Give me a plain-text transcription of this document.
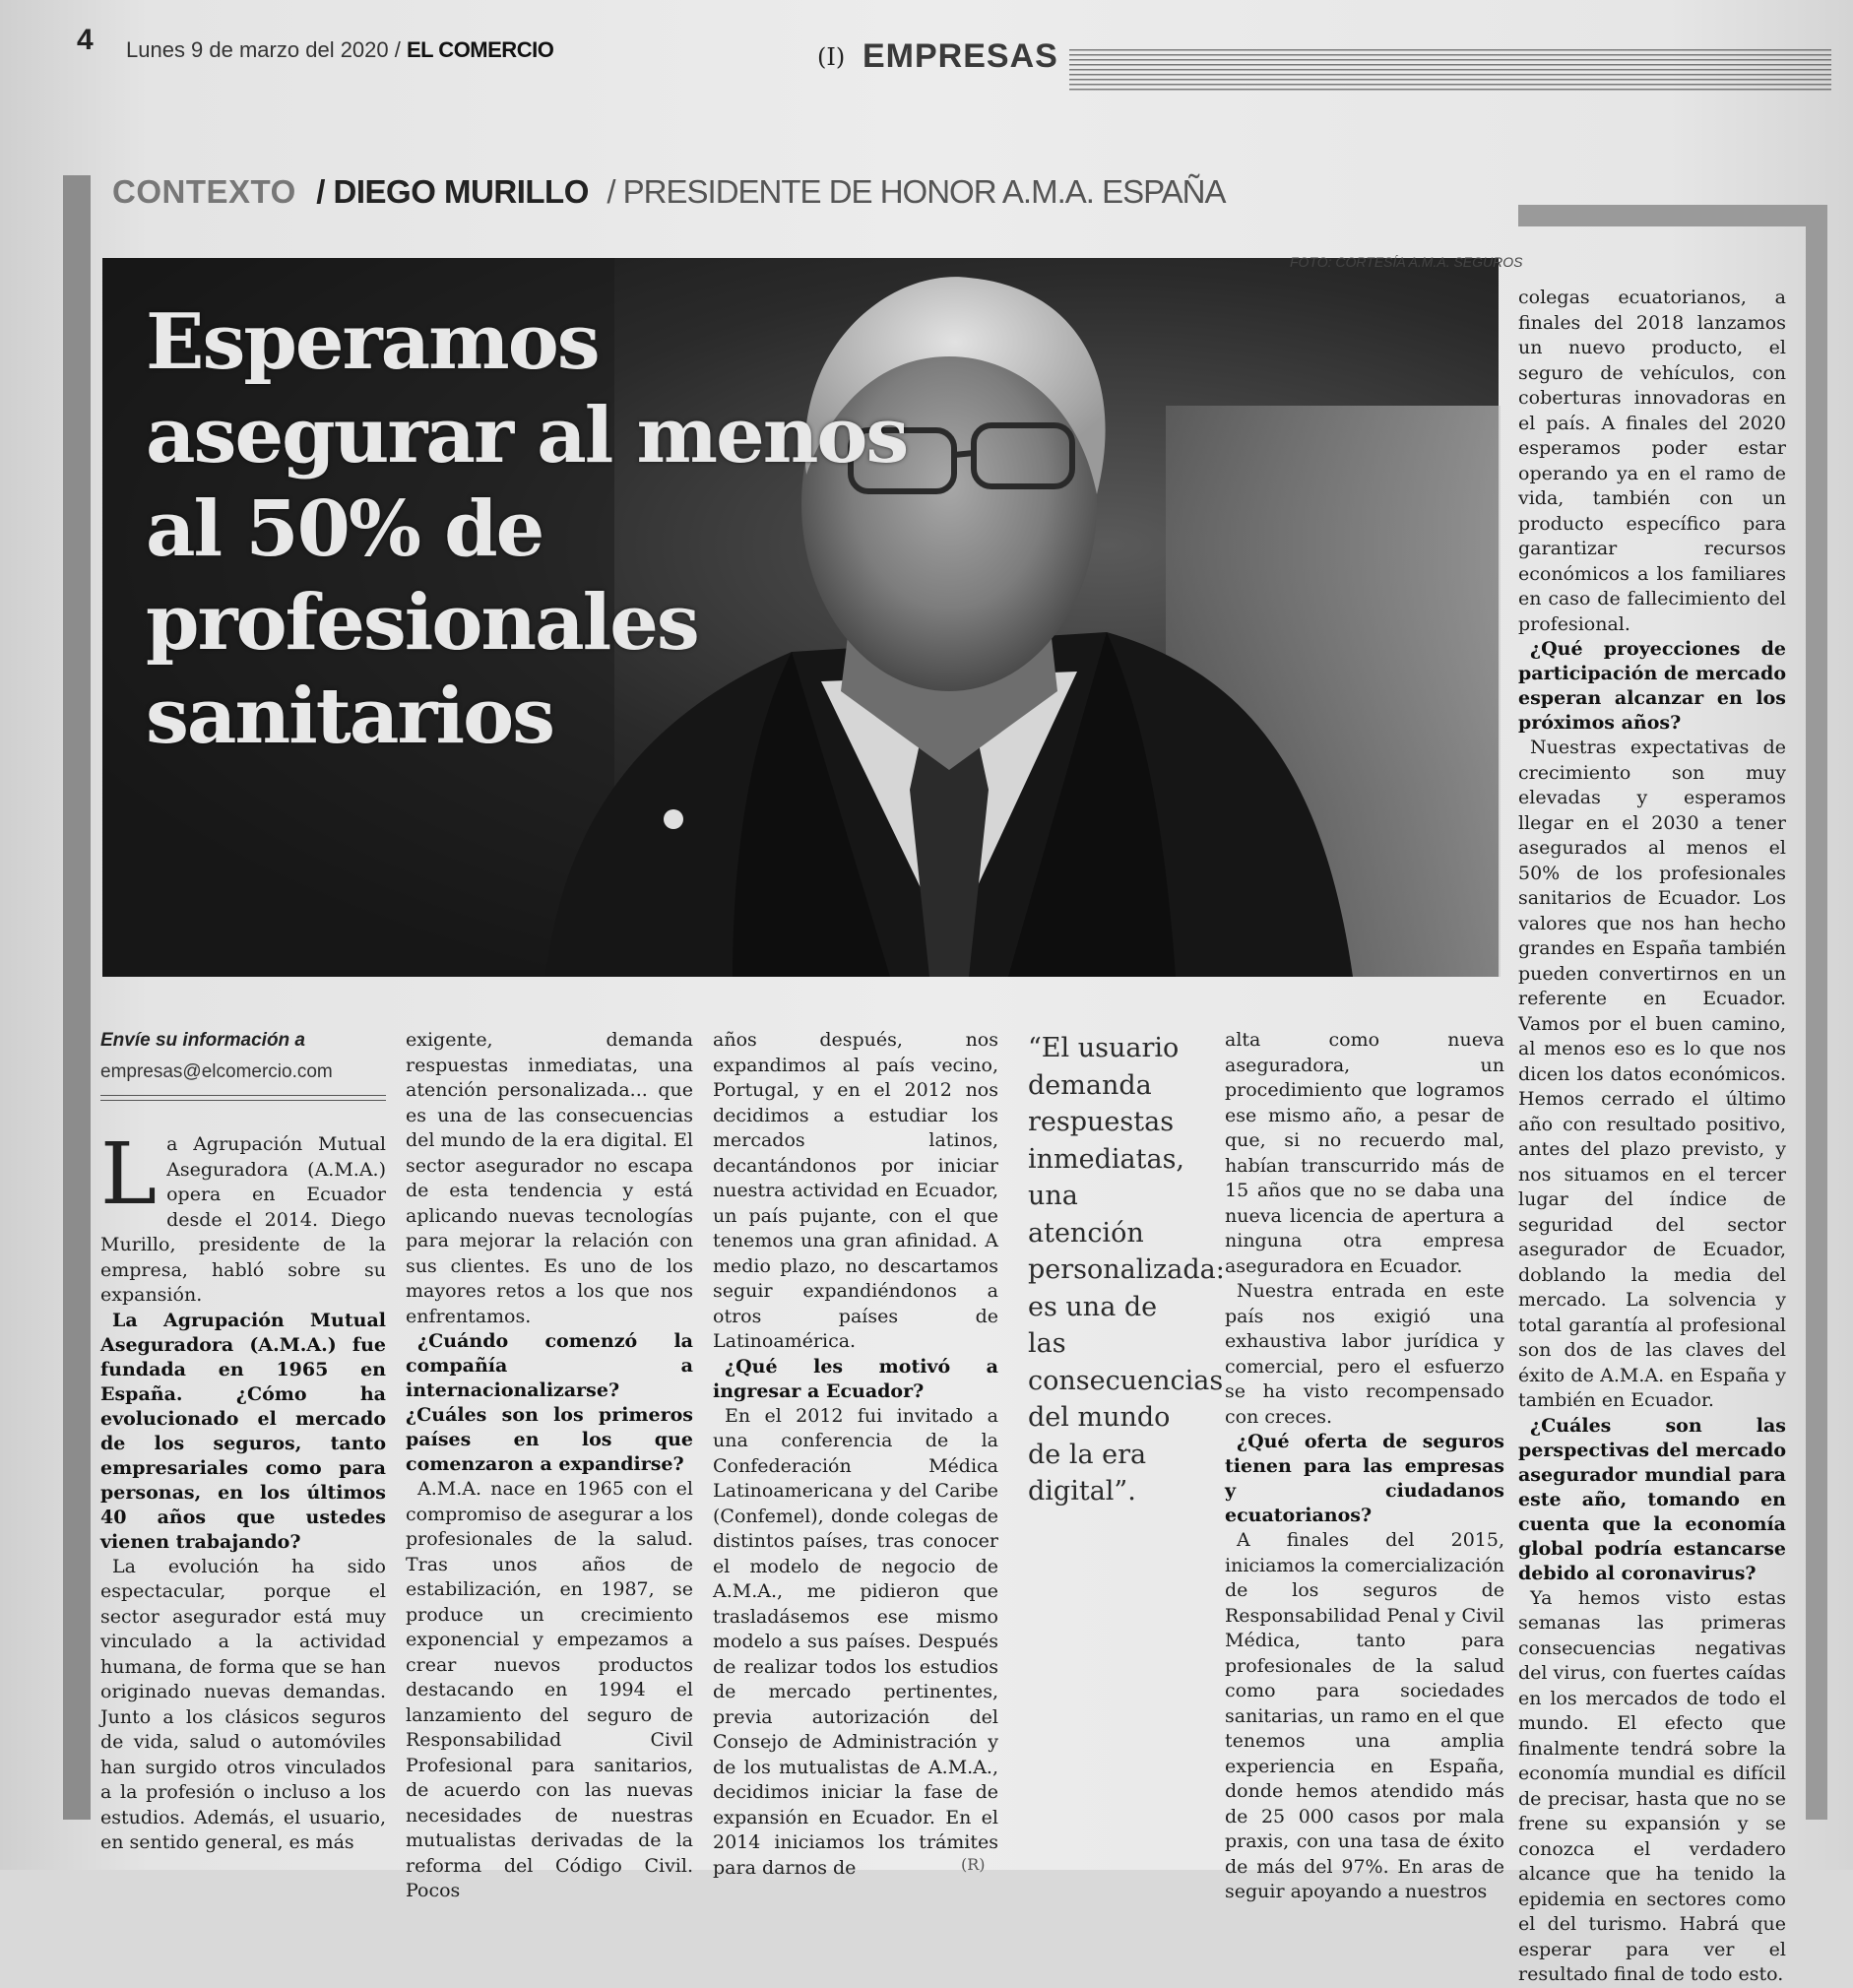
4 Lunes 9 de marzo del 2020 / EL COMERCIO	(I) EMPRESAS
CONTEXTO / DIEGO MURILLO / PRESIDENTE DE HONOR A.M.A. ESPAÑA
FOTO: CORTESÍA A.M.A. SEGUROS
Esperamos asegurar al menos al 50% de profesionales sanitarios
Envíe su información a
empresas@elcomercio.com

La Agrupación Mutual Aseguradora (A.M.A.) opera en Ecuador desde el 2014. Diego Murillo, presidente de la empresa, habló sobre su expansión.

La Agrupación Mutual Aseguradora (A.M.A.) fue fundada en 1965 en España. ¿Cómo ha evolucionado el mercado de los seguros, tanto empresariales como para personas, en los últimos 40 años que ustedes vienen trabajando?

La evolución ha sido espectacular, porque el sector asegurador está muy vinculado a la actividad humana, de forma que se han originado nuevas demandas. Junto a los clásicos seguros de vida, salud o automóviles han surgido otros vinculados a la profesión o incluso a los estudios. Además, el usuario, en sentido general, es más

exigente, demanda respuestas inmediatas, una atención personalizada... que es una de las consecuencias del mundo de la era digital. El sector asegurador no escapa de esta tendencia y está aplicando nuevas tecnologías para mejorar la relación con sus clientes. Es uno de los mayores retos a los que nos enfrentamos.

¿Cuándo comenzó la compañía a internacionalizarse? ¿Cuáles son los primeros países en los que comenzaron a expandirse?

A.M.A. nace en 1965 con el compromiso de asegurar a los profesionales de la salud. Tras unos años de estabilización, en 1987, se produce un crecimiento exponencial y empezamos a crear nuevos productos destacando en 1994 el lanzamiento del seguro de Responsabilidad Civil Profesional para sanitarios, de acuerdo con las nuevas necesidades de nuestras mutualistas derivadas de la reforma del Código Civil. Pocos

años después, nos expandimos al país vecino, Portugal, y en el 2012 nos decidimos a estudiar los mercados latinos, decantándonos por iniciar nuestra actividad en Ecuador, un país pujante, con el que tenemos una gran afinidad. A medio plazo, no descartamos seguir expandiéndonos a otros países de Latinoamérica.

¿Qué les motivó a ingresar a Ecuador?

En el 2012 fui invitado a una conferencia de la Confederación Médica Latinoamericana y del Caribe (Confemel), donde colegas de distintos países, tras conocer el modelo de negocio de A.M.A., me pidieron que trasladásemos ese mismo modelo a sus países. Después de realizar todos los estudios de mercado pertinentes, previa autorización del Consejo de Administración y de los mutualistas de A.M.A., decidimos iniciar la fase de expansión en Ecuador. En el 2014 iniciamos los trámites para darnos de

“El usuario demanda respuestas inmediatas, una atención personalizada: es una de las consecuencias del mundo de la era digital”.

alta como nueva aseguradora, un procedimiento que logramos ese mismo año, a pesar de que, si no recuerdo mal, habían transcurrido más de 15 años que no se daba una nueva licencia de apertura a ninguna otra empresa aseguradora en Ecuador.

Nuestra entrada en este país nos exigió una exhaustiva labor jurídica y comercial, pero el esfuerzo se ha visto recompensado con creces.

¿Qué oferta de seguros tienen para las empresas y ciudadanos ecuatorianos?

A finales del 2015, iniciamos la comercialización de los seguros de Responsabilidad Penal y Civil Médica, tanto para profesionales de la salud como para sociedades sanitarias, un ramo en el que tenemos una amplia experiencia en España, donde hemos atendido más de 25 000 casos por mala praxis, con una tasa de éxito de más del 97%. En aras de seguir apoyando a nuestros

colegas ecuatorianos, a finales del 2018 lanzamos un nuevo producto, el seguro de vehículos, con coberturas innovadoras en el país. A finales del 2020 esperamos poder estar operando ya en el ramo de vida, también con un producto específico para garantizar recursos económicos a los familiares en caso de fallecimiento del profesional.

¿Qué proyecciones de participación de mercado esperan alcanzar en los próximos años?

Nuestras expectativas de crecimiento son muy elevadas y esperamos llegar en el 2030 a tener asegurados al menos el 50% de los profesionales sanitarios de Ecuador. Los valores que nos han hecho grandes en España también pueden convertirnos en un referente en Ecuador. Vamos por el buen camino, al menos eso es lo que nos dicen los datos económicos. Hemos cerrado el último año con resultado positivo, antes del plazo previsto, y nos situamos en el tercer lugar del índice de seguridad del sector asegurador de Ecuador, doblando la media del mercado. La solvencia y total garantía al profesional son dos de las claves del éxito de A.M.A. en España y también en Ecuador.

¿Cuáles son las perspectivas del mercado asegurador mundial para este año, tomando en cuenta que la economía global podría estancarse debido al coronavirus?

Ya hemos visto estas semanas las primeras consecuencias negativas del virus, con fuertes caídas en los mercados de todo el mundo. El efecto que finalmente tendrá sobre la economía mundial es difícil de precisar, hasta que no se frene su expansión y se conozca el verdadero alcance que ha tenido la epidemia en sectores como el del turismo. Habrá que esperar para ver el resultado final de todo esto.

(R)
